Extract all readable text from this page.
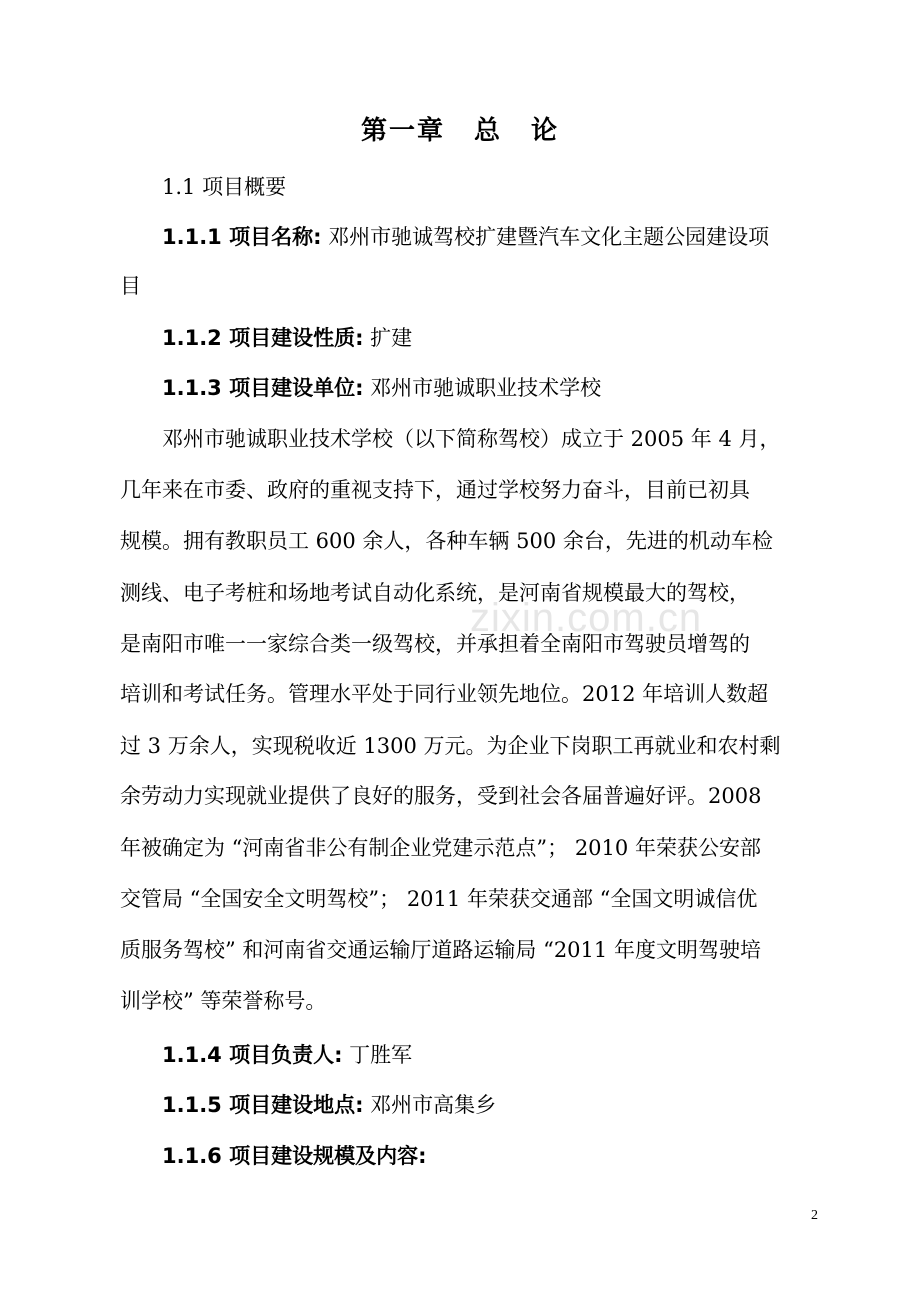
zixin.com.cn
第一章 总 论
1.1 项目概要
1.1.1 项目名称: 邓州市驰诚驾校扩建暨汽车文化主题公园建设项
目
1.1.2 项目建设性质: 扩建
1.1.3 项目建设单位: 邓州市驰诚职业技术学校
邓州市驰诚职业技术学校（以下简称驾校）成立于 2005 年 4 月，
几年来在市委、政府的重视支持下，通过学校努力奋斗，目前已初具
规模。拥有教职员工 600 余人，各种车辆 500 余台，先进的机动车检
测线、电子考桩和场地考试自动化系统，是河南省规模最大的驾校，
是南阳市唯一一家综合类一级驾校，并承担着全南阳市驾驶员增驾的
培训和考试任务。管理水平处于同行业领先地位。2012 年培训人数超
过 3 万余人，实现税收近 1300 万元。为企业下岗职工再就业和农村剩
余劳动力实现就业提供了良好的服务，受到社会各届普遍好评。2008
年被确定为 “河南省非公有制企业党建示范点”； 2010 年荣获公安部
交管局 “全国安全文明驾校”； 2011 年荣获交通部 “全国文明诚信优
质服务驾校” 和河南省交通运输厅道路运输局 “2011 年度文明驾驶培
训学校” 等荣誉称号。
1.1.4 项目负责人: 丁胜军
1.1.5 项目建设地点: 邓州市高集乡
1.1.6 项目建设规模及内容:
2
